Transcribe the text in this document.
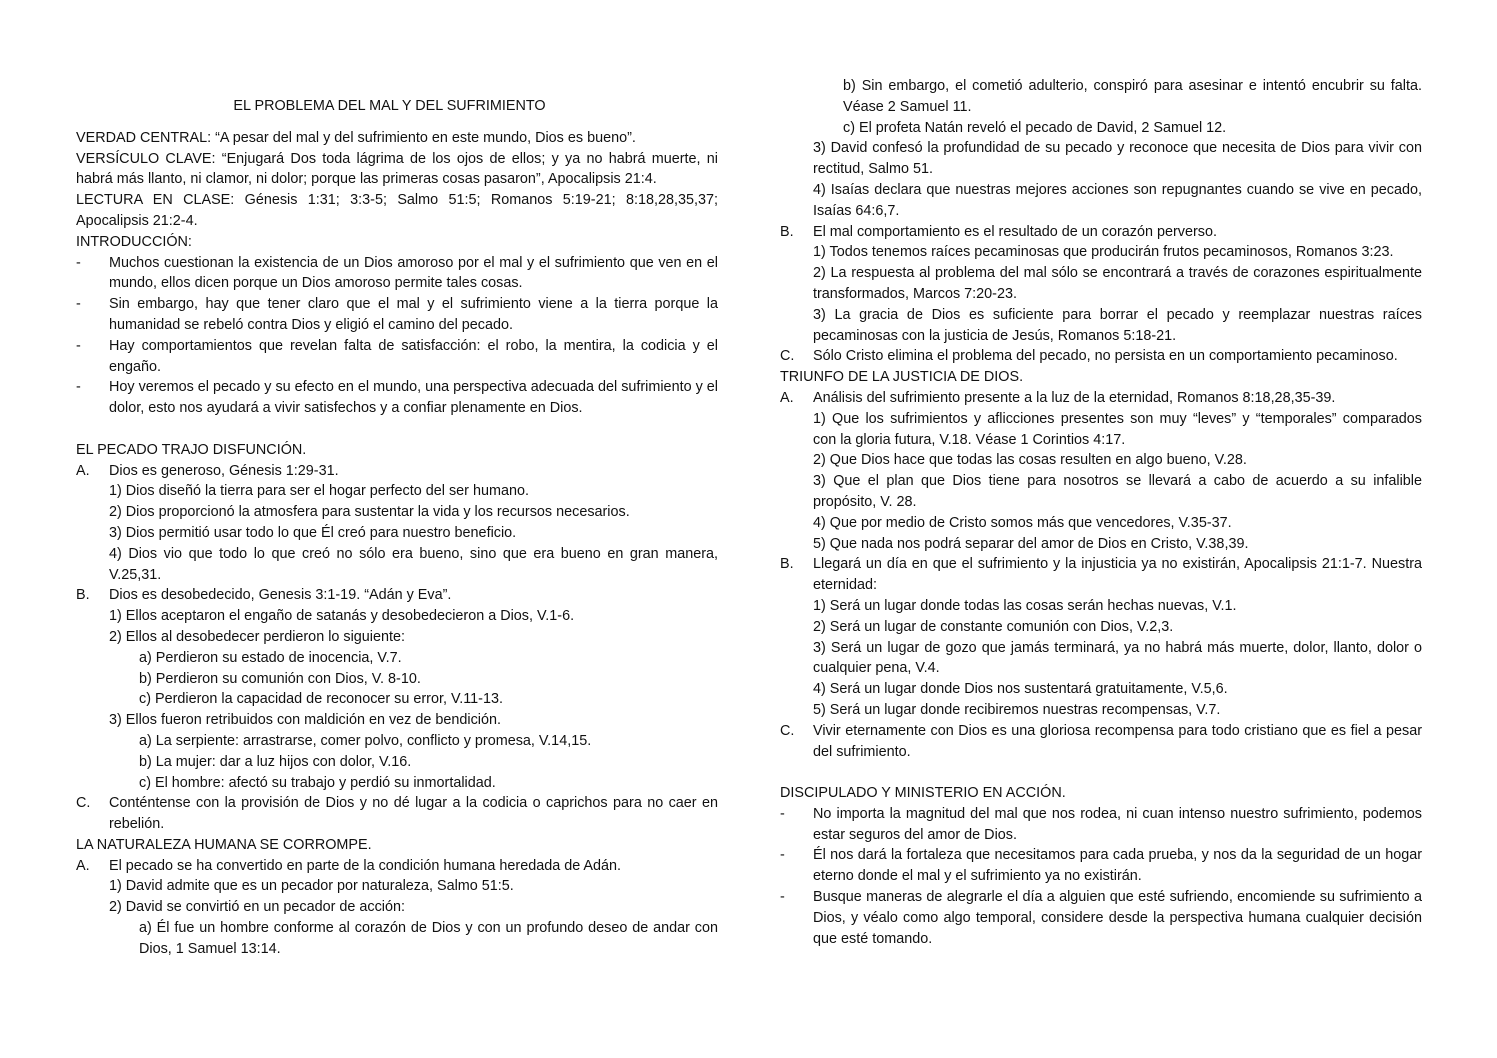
EL PROBLEMA DEL MAL Y DEL SUFRIMIENTO
VERDAD CENTRAL: “A pesar del mal y del sufrimiento en este mundo, Dios es bueno”.
VERSÍCULO CLAVE: “Enjugará Dos toda lágrima de los ojos de ellos; y ya no habrá muerte, ni habrá más llanto, ni clamor, ni dolor; porque las primeras cosas pasaron”, Apocalipsis 21:4.
LECTURA EN CLASE: Génesis 1:31; 3:3-5; Salmo 51:5; Romanos 5:19-21; 8:18,28,35,37; Apocalipsis 21:2-4.
INTRODUCCIÓN:
-	Muchos cuestionan la existencia de un Dios amoroso por el mal y el sufrimiento que ven en el mundo, ellos dicen porque un Dios amoroso permite tales cosas.
-	Sin embargo, hay que tener claro que el mal y el sufrimiento viene a la tierra porque la humanidad se rebeló contra Dios y eligió el camino del pecado.
-	Hay comportamientos que revelan falta de satisfacción: el robo, la mentira, la codicia y el engaño.
-	Hoy veremos el pecado y su efecto en el mundo, una perspectiva adecuada del sufrimiento y el dolor, esto nos ayudará a vivir satisfechos y a confiar plenamente en Dios.
EL PECADO TRAJO DISFUNCIÓN.
A.	Dios es generoso, Génesis 1:29-31.
1) Dios diseñó la tierra para ser el hogar perfecto del ser humano.
2) Dios proporcionó la atmosfera para sustentar la vida y los recursos necesarios.
3) Dios permitió usar todo lo que Él creó para nuestro beneficio.
4) Dios vio que todo lo que creó no sólo era bueno, sino que era bueno en gran manera, V.25,31.
B.	Dios es desobedecido, Genesis 3:1-19. “Adán y Eva”.
1) Ellos aceptaron el engaño de satanás y desobedecieron a Dios, V.1-6.
2) Ellos al desobedecer perdieron lo siguiente:
a) Perdieron su estado de inocencia, V.7.
b) Perdieron su comunión con Dios, V. 8-10.
c) Perdieron la capacidad de reconocer su error, V.11-13.
3) Ellos fueron retribuidos con maldición en vez de bendición.
a) La serpiente: arrastrarse, comer polvo, conflicto y promesa, V.14,15.
b) La mujer: dar a luz hijos con dolor, V.16.
c) El hombre: afectó su trabajo y perdió su inmortalidad.
C.	Conténtense con la provisión de Dios y no dé lugar a la codicia o caprichos para no caer en rebelión.
LA NATURALEZA HUMANA SE CORROMPE.
A.	El pecado se ha convertido en parte de la condición humana heredada de Adán.
1) David admite que es un pecador por naturaleza, Salmo 51:5.
2) David se convirtió en un pecador de acción:
a) Él fue un hombre conforme al corazón de Dios y con un profundo deseo de andar con Dios, 1 Samuel 13:14.
b) Sin embargo, el cometió adulterio, conspiró para asesinar e intentó encubrir su falta. Véase 2 Samuel 11.
c) El profeta Natán reveló el pecado de David, 2 Samuel 12.
3) David confesó la profundidad de su pecado y reconoce que necesita de Dios para vivir con rectitud, Salmo 51.
4) Isaías declara que nuestras mejores acciones son repugnantes cuando se vive en pecado, Isaías 64:6,7.
B.	El mal comportamiento es el resultado de un corazón perverso.
1) Todos tenemos raíces pecaminosas que producirán frutos pecaminosos, Romanos 3:23.
2) La respuesta al problema del mal sólo se encontrará a través de corazones espiritualmente transformados, Marcos 7:20-23.
3) La gracia de Dios es suficiente para borrar el pecado y reemplazar nuestras raíces pecaminosas con la justicia de Jesús, Romanos 5:18-21.
C.	Sólo Cristo elimina el problema del pecado, no persista en un comportamiento pecaminoso.
TRIUNFO DE LA JUSTICIA DE DIOS.
A.	Análisis del sufrimiento presente a la luz de la eternidad, Romanos 8:18,28,35-39.
1) Que los sufrimientos y aflicciones presentes son muy “leves” y “temporales” comparados con la gloria futura, V.18. Véase 1 Corintios 4:17.
2) Que Dios hace que todas las cosas resulten en algo bueno, V.28.
3) Que el plan que Dios tiene para nosotros se llevará a cabo de acuerdo a su infalible propósito, V. 28.
4) Que por medio de Cristo somos más que vencedores, V.35-37.
5) Que nada nos podrá separar del amor de Dios en Cristo, V.38,39.
B.	Llegará un día en que el sufrimiento y la injusticia ya no existirán, Apocalipsis 21:1-7. Nuestra eternidad:
1) Será un lugar donde todas las cosas serán hechas nuevas, V.1.
2) Será un lugar de constante comunión con Dios, V.2,3.
3) Será un lugar de gozo que jamás terminará, ya no habrá más muerte, dolor, llanto, dolor o cualquier pena, V.4.
4) Será un lugar donde Dios nos sustentará gratuitamente, V.5,6.
5) Será un lugar donde recibiremos nuestras recompensas, V.7.
C.	Vivir eternamente con Dios es una gloriosa recompensa para todo cristiano que es fiel a pesar del sufrimiento.
DISCIPULADO Y MINISTERIO EN ACCIÓN.
-	No importa la magnitud del mal que nos rodea, ni cuan intenso nuestro sufrimiento, podemos estar seguros del amor de Dios.
-	Él nos dará la fortaleza que necesitamos para cada prueba, y nos da la seguridad de un hogar eterno donde el mal y el sufrimiento ya no existirán.
-	Busque maneras de alegrarle el día a alguien que esté sufriendo, encomiende su sufrimiento a Dios, y véalo como algo temporal, considere desde la perspectiva humana cualquier decisión que esté tomando.
